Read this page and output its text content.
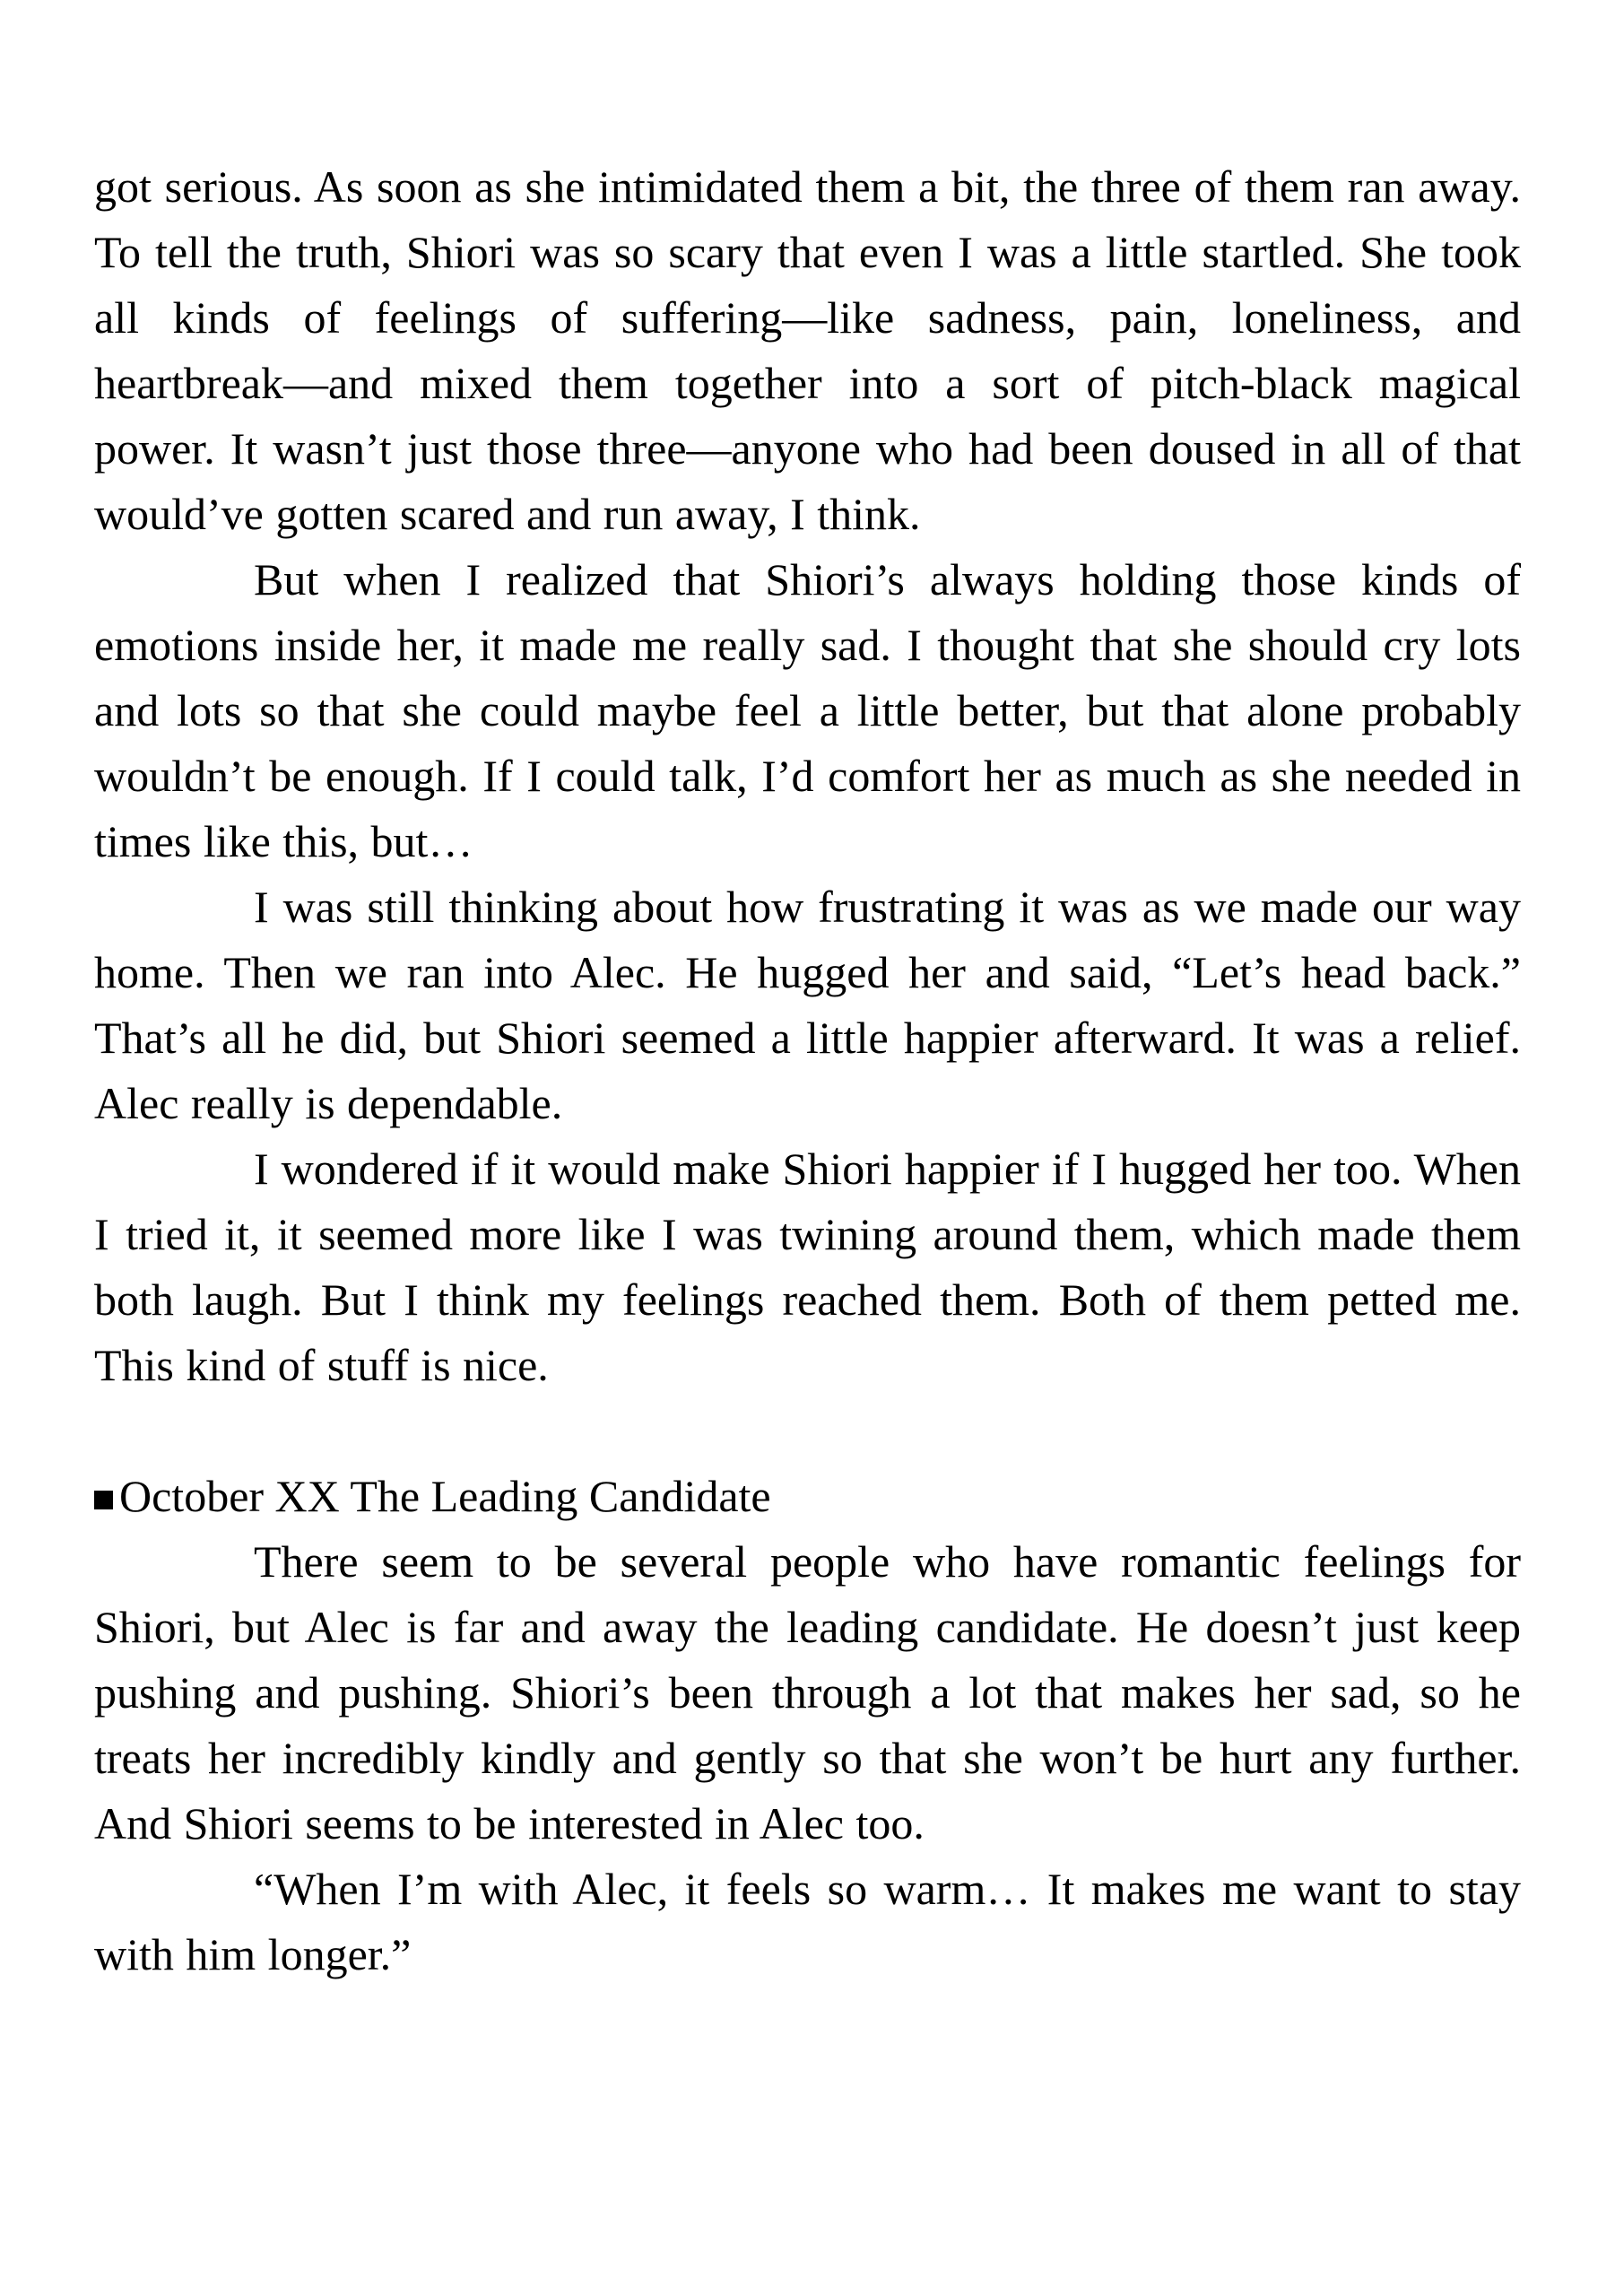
got serious. As soon as she intimidated them a bit, the three of them ran away. To tell the truth, Shiori was so scary that even I was a little startled. She took all kinds of feelings of suffering—like sadness, pain, loneliness, and heartbreak—and mixed them together into a sort of pitch-black magical power. It wasn’t just those three—anyone who had been doused in all of that would’ve gotten scared and run away, I think.

But when I realized that Shiori’s always holding those kinds of emotions inside her, it made me really sad. I thought that she should cry lots and lots so that she could maybe feel a little better, but that alone probably wouldn’t be enough. If I could talk, I’d comfort her as much as she needed in times like this, but…

I was still thinking about how frustrating it was as we made our way home. Then we ran into Alec. He hugged her and said, “Let’s head back.” That’s all he did, but Shiori seemed a little happier afterward. It was a relief. Alec really is dependable.

I wondered if it would make Shiori happier if I hugged her too. When I tried it, it seemed more like I was twining around them, which made them both laugh. But I think my feelings reached them. Both of them petted me. This kind of stuff is nice.

October XX The Leading Candidate

There seem to be several people who have romantic feelings for Shiori, but Alec is far and away the leading candidate. He doesn’t just keep pushing and pushing. Shiori’s been through a lot that makes her sad, so he treats her incredibly kindly and gently so that she won’t be hurt any further. And Shiori seems to be interested in Alec too.

“When I’m with Alec, it feels so warm… It makes me want to stay with him longer.”
